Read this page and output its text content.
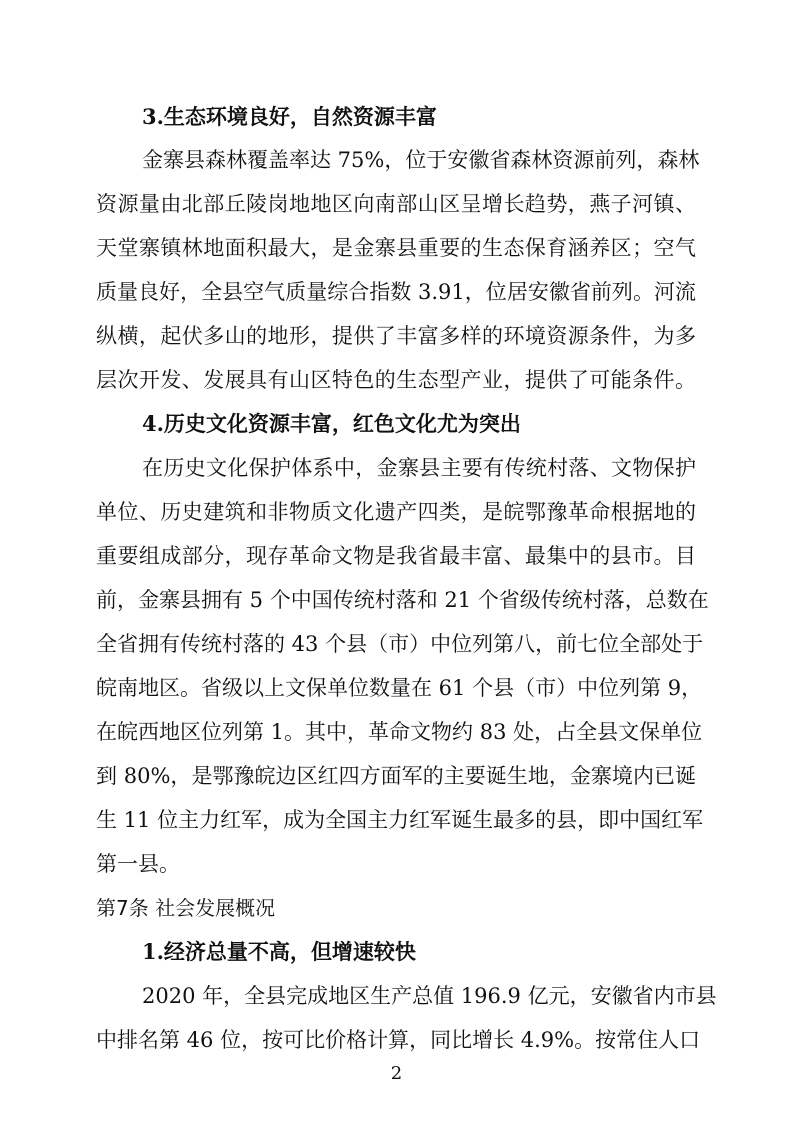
3.生态环境良好，自然资源丰富
金寨县森林覆盖率达 75%，位于安徽省森林资源前列，森林
资源量由北部丘陵岗地地区向南部山区呈增长趋势，燕子河镇、
天堂寨镇林地面积最大，是金寨县重要的生态保育涵养区；空气
质量良好，全县空气质量综合指数 3.91，位居安徽省前列。河流
纵横，起伏多山的地形，提供了丰富多样的环境资源条件，为多
层次开发、发展具有山区特色的生态型产业，提供了可能条件。
4.历史文化资源丰富，红色文化尤为突出
在历史文化保护体系中，金寨县主要有传统村落、文物保护
单位、历史建筑和非物质文化遗产四类，是皖鄂豫革命根据地的
重要组成部分，现存革命文物是我省最丰富、最集中的县市。目
前，金寨县拥有 5 个中国传统村落和 21 个省级传统村落，总数在
全省拥有传统村落的 43 个县（市）中位列第八，前七位全部处于
皖南地区。省级以上文保单位数量在 61 个县（市）中位列第 9，
在皖西地区位列第 1。其中，革命文物约 83 处，占全县文保单位
到 80%，是鄂豫皖边区红四方面军的主要诞生地，金寨境内已诞
生 11 位主力红军，成为全国主力红军诞生最多的县，即中国红军
第一县。
第7条 社会发展概况
1.经济总量不高，但增速较快
2020 年，全县完成地区生产总值 196.9 亿元，安徽省内市县
中排名第 46 位，按可比价格计算，同比增长 4.9%。按常住人口
2
